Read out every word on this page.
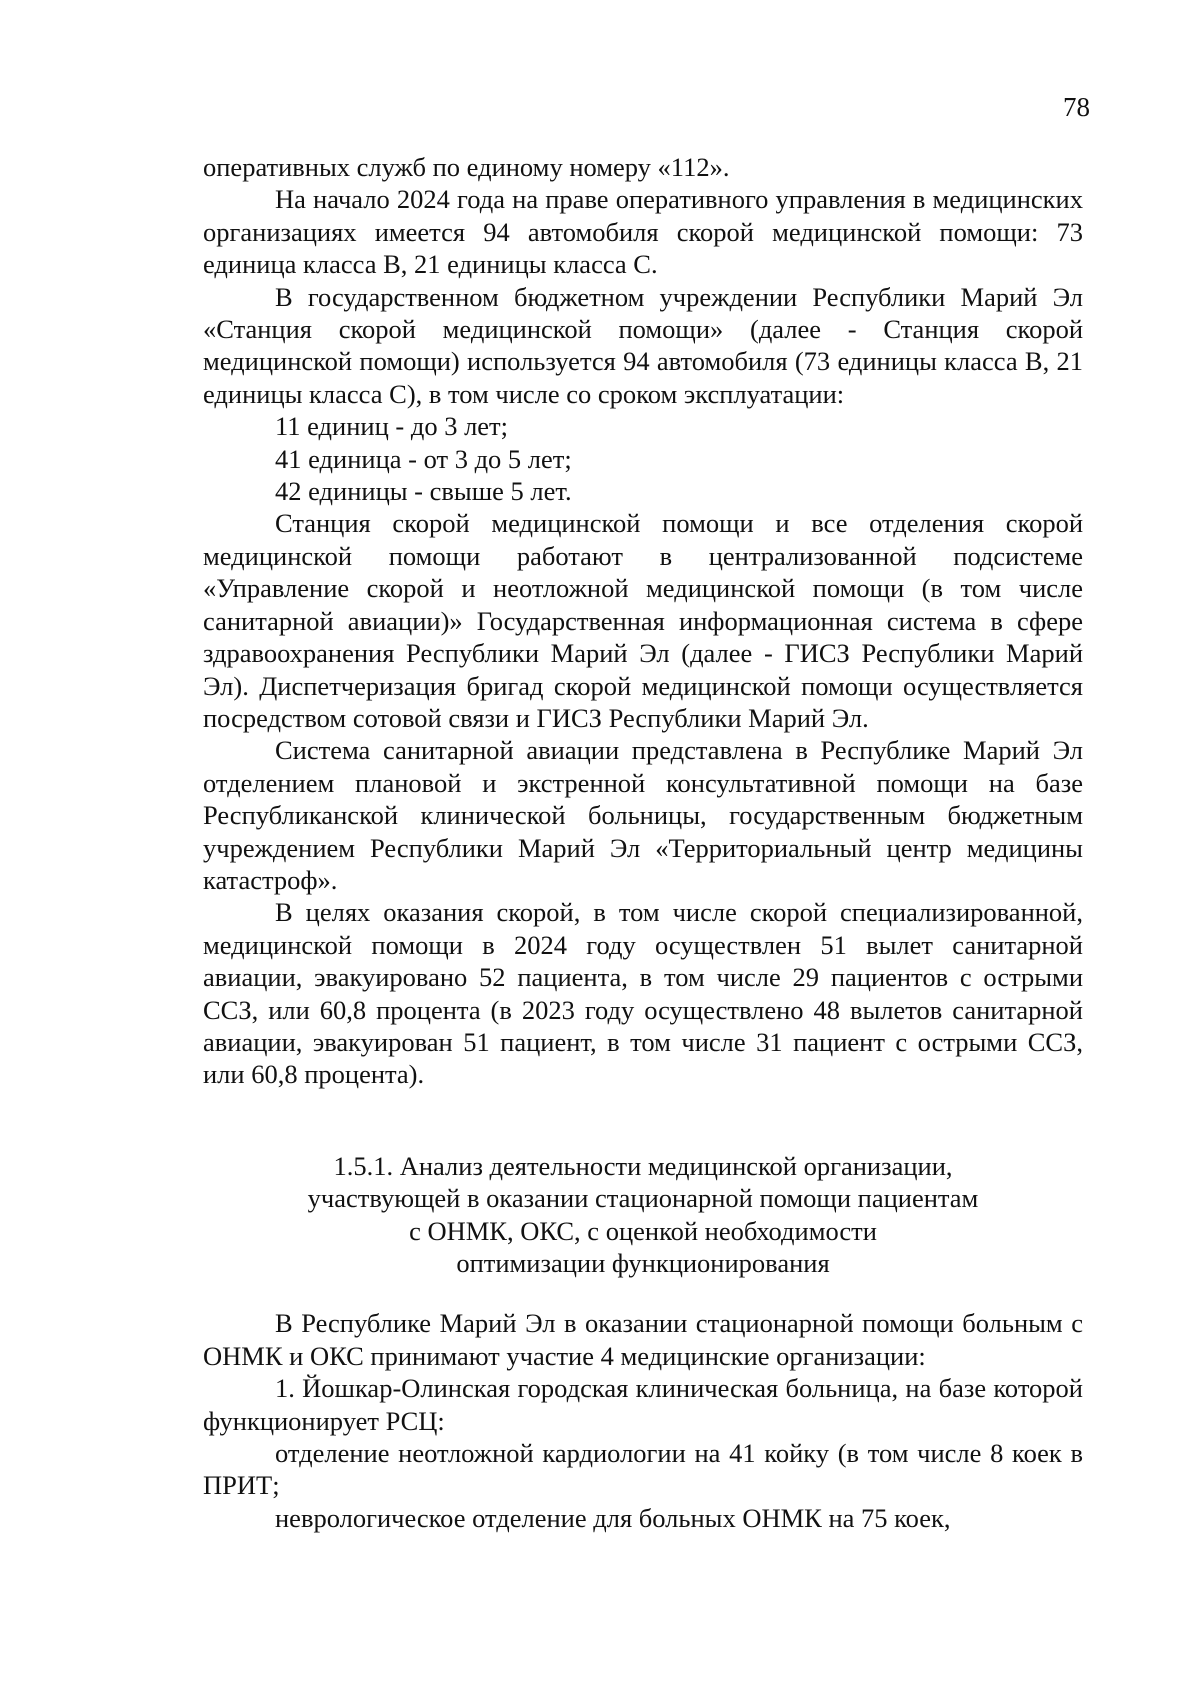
78

оперативных служб по единому номеру «112».

На начало 2024 года на праве оперативного управления в медицинских организациях имеется 94 автомобиля скорой медицинской помощи: 73 единица класса B, 21 единицы класса C.

В государственном бюджетном учреждении Республики Марий Эл «Станция скорой медицинской помощи» (далее - Станция скорой медицинской помощи) используется 94 автомобиля (73 единицы класса B, 21 единицы класса C), в том числе со сроком эксплуатации:

11 единиц - до 3 лет;

41 единица - от 3 до 5 лет;

42 единицы - свыше 5 лет.

Станция скорой медицинской помощи и все отделения скорой медицинской помощи работают в централизованной подсистеме «Управление скорой и неотложной медицинской помощи (в том числе санитарной авиации)» Государственная информационная система в сфере здравоохранения Республики Марий Эл (далее - ГИСЗ Республики Марий Эл). Диспетчеризация бригад скорой медицинской помощи осуществляется посредством сотовой связи и ГИСЗ Республики Марий Эл.

Система санитарной авиации представлена в Республике Марий Эл отделением плановой и экстренной консультативной помощи на базе Республиканской клинической больницы, государственным бюджетным учреждением Республики Марий Эл «Территориальный центр медицины катастроф».

В целях оказания скорой, в том числе скорой специализированной, медицинской помощи в 2024 году осуществлен 51 вылет санитарной авиации, эвакуировано 52 пациента, в том числе 29 пациентов с острыми ССЗ, или 60,8 процента (в 2023 году осуществлено 48 вылетов санитарной авиации, эвакуирован 51 пациент, в том числе 31 пациент с острыми ССЗ, или 60,8 процента).

1.5.1. Анализ деятельности медицинской организации,
участвующей в оказании стационарной помощи пациентам
с ОНМК, ОКС, с оценкой необходимости
оптимизации функционирования

В Республике Марий Эл в оказании стационарной помощи больным с ОНМК и ОКС принимают участие 4 медицинские организации:

1. Йошкар-Олинская городская клиническая больница, на базе которой функционирует РСЦ:

отделение неотложной кардиологии на 41 койку (в том числе 8 коек в ПРИТ;

неврологическое отделение для больных ОНМК на 75 коек,
